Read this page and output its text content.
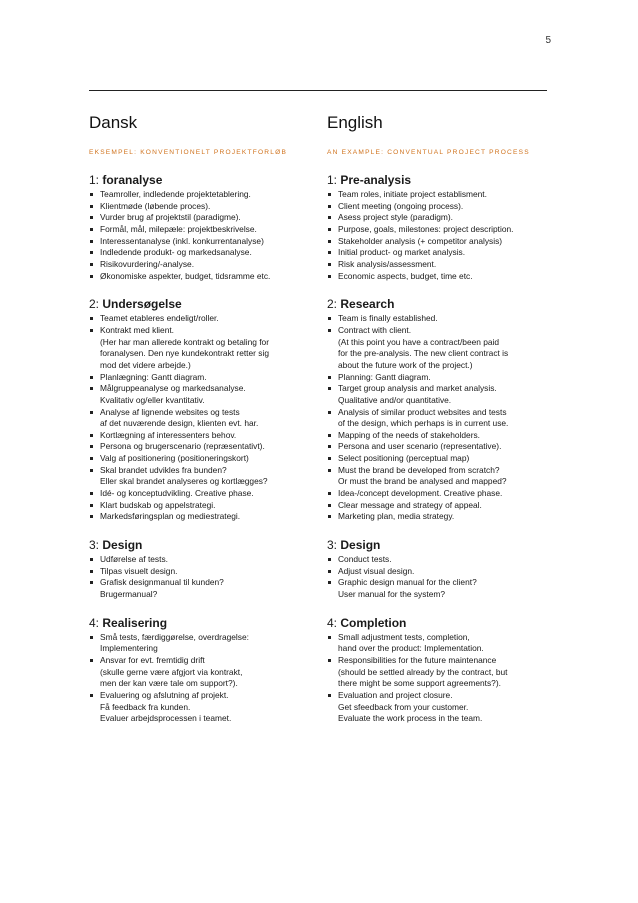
5
Dansk
EKSEMPEL: KONVENTIONELT PROJEKTFORLØB
1: foranalyse
Teamroller, indledende projektetablering.
Klientmøde (løbende proces).
Vurder brug af projektstil (paradigme).
Formål, mål, milepæle: projektbeskrivelse.
Interessentanalyse (inkl. konkurrentanalyse)
Indledende produkt- og markedsanalyse.
Risikovurdering/-analyse.
Økonomiske aspekter, budget, tidsramme etc.
2: Undersøgelse
Teamet etableres endeligt/roller.
Kontrakt med klient.
(Her har man allerede kontrakt og betaling for
foranalysen. Den nye kundekontrakt retter sig
mod det videre arbejde.)
Planlægning: Gantt diagram.
Målgruppeanalyse og markedsanalyse.
Kvalitativ og/eller kvantitativ.
Analyse af lignende websites og tests
af det nuværende design, klienten evt. har.
Kortlægning af interessenters behov.
Persona og brugerscenario (repræsentativt).
Valg af positionering (positioneringskort)
Skal brandet udvikles fra bunden?
Eller skal brandet analyseres og kortlægges?
Idé- og konceptudvikling. Creative phase.
Klart budskab og appelstrategi.
Markedsføringsplan og mediestrategi.
3: Design
Udførelse af tests.
Tilpas visuelt design.
Grafisk designmanual til kunden?
Brugermanual?
4: Realisering
Små tests, færdiggørelse, overdragelse:
Implementering
Ansvar for evt. fremtidig drift
(skulle gerne være afgjort via kontrakt,
men der kan være tale om support?).
Evaluering og afslutning af projekt.
Få feedback fra kunden.
Evaluer arbejdsprocessen i teamet.
English
AN EXAMPLE: CONVENTUAL PROJECT PROCESS
1: Pre-analysis
Team roles, initiate project establisment.
Client meeting (ongoing process).
Asess project style (paradigm).
Purpose, goals, milestones: project description.
Stakeholder analysis (+ competitor analysis)
Initial product- og market analysis.
Risk analysis/assessment.
Economic aspects, budget, time etc.
2: Research
Team is finally established.
Contract with client.
(At this point you have a contract/been paid
for the pre-analysis. The new client contract is
about the future work of the project.)
Planning: Gantt diagram.
Target group analysis and market analysis.
Qualitative and/or quantitative.
Analysis of similar product websites and tests
of the design, which perhaps is in current use.
Mapping of the needs of stakeholders.
Persona and user scenario (representative).
Select positioning (perceptual map)
Must the brand be developed from scratch?
Or must the brand be analysed and mapped?
Idea-/concept development. Creative phase.
Clear message and strategy of appeal.
Marketing plan, media strategy.
3: Design
Conduct tests.
Adjust visual design.
Graphic design manual for the client?
User manual for the system?
4: Completion
Small adjustment tests, completion,
hand over the product: Implementation.
Responsibilities for the future maintenance
(should be settled already by the contract, but
there might be some support agreements?).
Evaluation and project closure.
Get sfeedback from your customer.
Evaluate the work process in the team.
